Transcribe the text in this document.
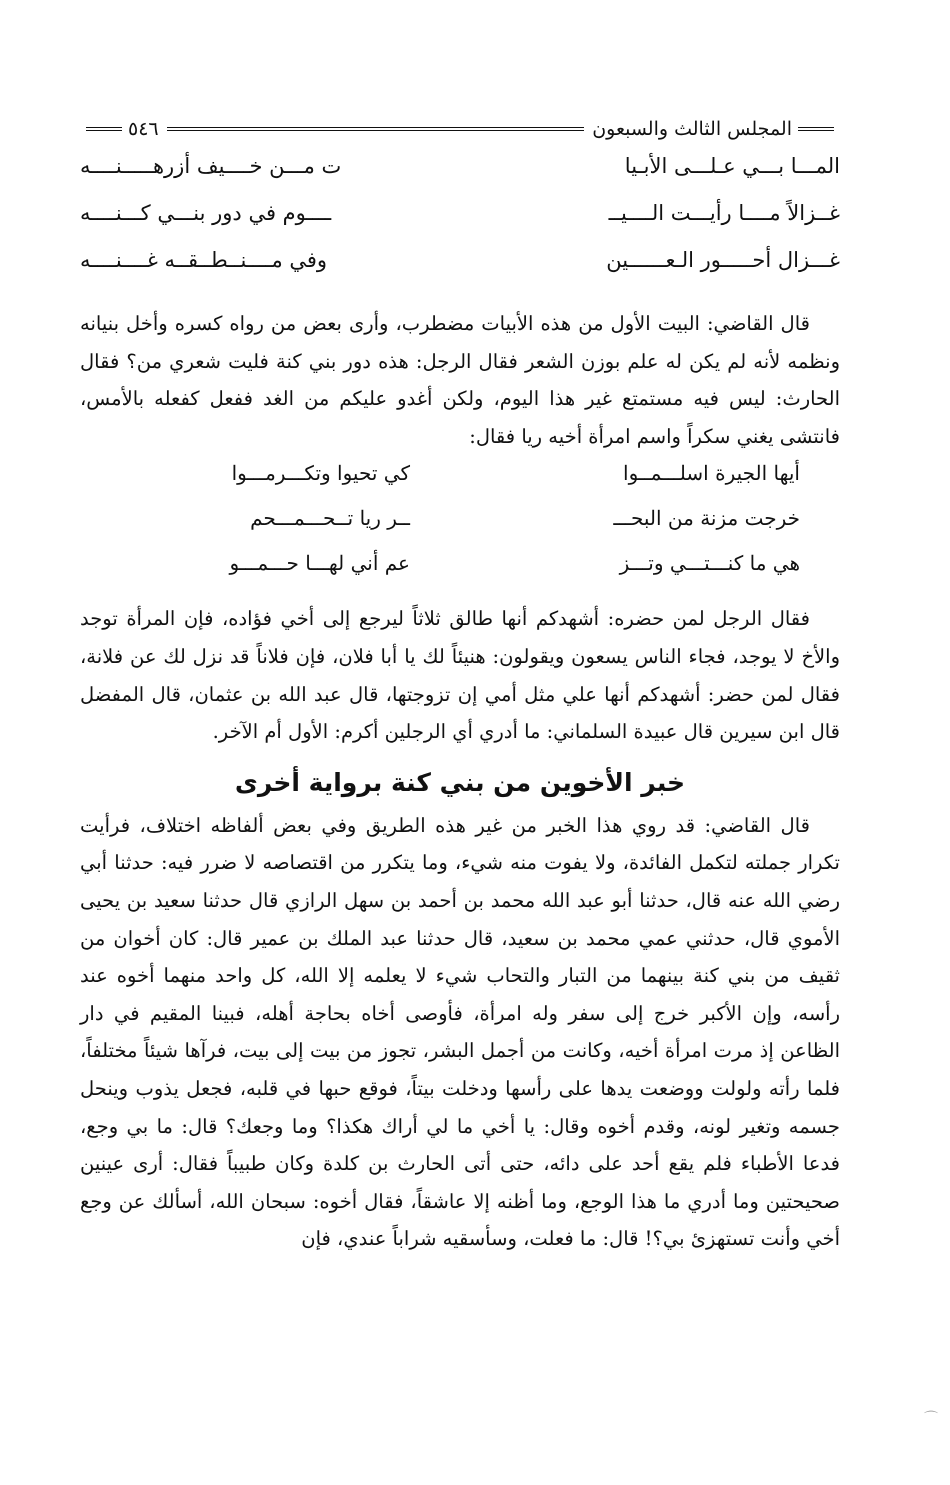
٥٤٦	المجلس الثالث والسبعون
المـــا بـــي عـلـــى الأبـيا
ت مـــن خــــيف أزرهـــــنــــه
غــزالاً مــــا رأيـــت الــــيــ
ــــوم في دور بنـــي كـــنــــه
غـــزال أحـــــور الـعــــــين
وفي مــــنــطــقــه غــــنــــه

قال القاضي: البيت الأول من هذه الأبيات مضطرب، وأرى بعض من رواه كسره وأخل بنيانه ونظمه لأنه لم يكن له علم بوزن الشعر فقال الرجل: هذه دور بني كنة فليت شعري من؟ فقال الحارث: ليس فيه مستمتع غير هذا اليوم، ولكن أغدو عليكم من الغد ففعل كفعله بالأمس، فانتشى يغني سكراً واسم امرأة أخيه ريا فقال:

أيها الجيرة اسلـــمــوا
كي تحيوا وتكـــرمـــوا
خرجت مزنة من البحـــ
ــر ريا تــحـــمـــحم
هي ما كنـــتـــي وتـــز
عم أني لهـــا حـــمـــو

فقال الرجل لمن حضره: أشهدكم أنها طالق ثلاثاً ليرجع إلى أخي فؤاده، فإن المرأة توجد والأخ لا يوجد، فجاء الناس يسعون ويقولون: هنيئاً لك يا أبا فلان، فإن فلاناً قد نزل لك عن فلانة، فقال لمن حضر: أشهدكم أنها علي مثل أمي إن تزوجتها، قال عبد الله بن عثمان، قال المفضل قال ابن سيرين قال عبيدة السلماني: ما أدري أي الرجلين أكرم: الأول أم الآخر.

خبر الأخوين من بني كنة برواية أخرى

قال القاضي: قد روي هذا الخبر من غير هذه الطريق وفي بعض ألفاظه اختلاف، فرأيت تكرار جملته لتكمل الفائدة، ولا يفوت منه شيء، وما يتكرر من اقتصاصه لا ضرر فيه: حدثنا أبي رضي الله عنه قال، حدثنا أبو عبد الله محمد بن أحمد بن سهل الرازي قال حدثنا سعيد بن يحيى الأموي قال، حدثني عمي محمد بن سعيد، قال حدثنا عبد الملك بن عمير قال: كان أخوان من ثقيف من بني كنة بينهما من التبار والتحاب شيء لا يعلمه إلا الله، كل واحد منهما أخوه عند رأسه، وإن الأكبر خرج إلى سفر وله امرأة، فأوصى أخاه بحاجة أهله، فبينا المقيم في دار الظاعن إذ مرت امرأة أخيه، وكانت من أجمل البشر، تجوز من بيت إلى بيت، فرآها شيئاً مختلفاً، فلما رأته ولولت ووضعت يدها على رأسها ودخلت بيتاً، فوقع حبها في قلبه، فجعل يذوب وينحل جسمه وتغير لونه، وقدم أخوه وقال: يا أخي ما لي أراك هكذا؟ وما وجعك؟ قال: ما بي وجع، فدعا الأطباء فلم يقع أحد على دائه، حتى أتى الحارث بن كلدة وكان طبيباً فقال: أرى عينين صحيحتين وما أدري ما هذا الوجع، وما أظنه إلا عاشقاً، فقال أخوه: سبحان الله، أسألك عن وجع أخي وأنت تستهزئ بي؟! قال: ما فعلت، وسأسقيه شراباً عندي، فإن

⌒
